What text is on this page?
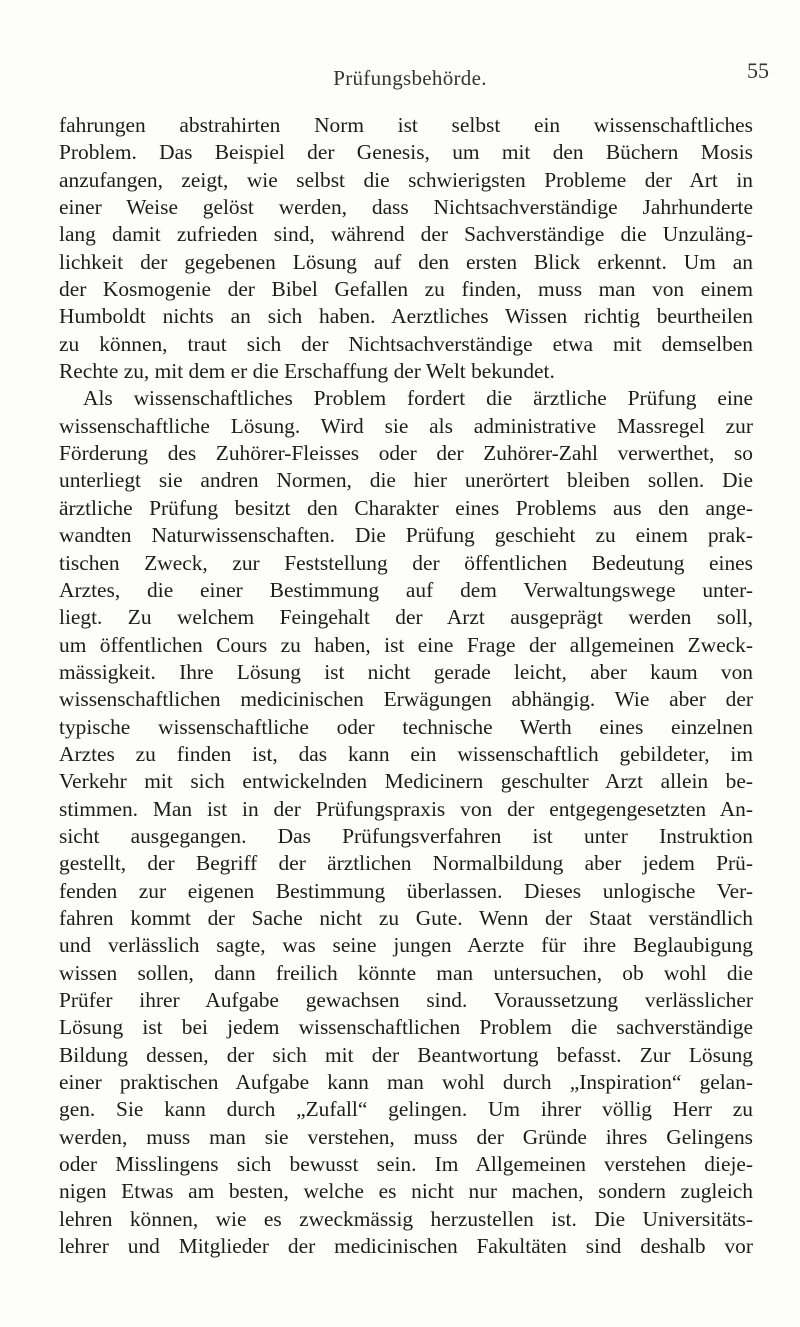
Prüfungsbehörde.	55
fahrungen abstrahirten Norm ist selbst ein wissenschaftliches
Problem. Das Beispiel der Genesis, um mit den Büchern Mosis
anzufangen, zeigt, wie selbst die schwierigsten Probleme der Art in
einer Weise gelöst werden, dass Nichtsachverständige Jahrhunderte
lang damit zufrieden sind, während der Sachverständige die Unzuläng-
lichkeit der gegebenen Lösung auf den ersten Blick erkennt. Um an
der Kosmogenie der Bibel Gefallen zu finden, muss man von einem
Humboldt nichts an sich haben. Aerztliches Wissen richtig beurtheilen
zu können, traut sich der Nichtsachverständige etwa mit demselben
Rechte zu, mit dem er die Erschaffung der Welt bekundet.
Als wissenschaftliches Problem fordert die ärztliche Prüfung eine
wissenschaftliche Lösung. Wird sie als administrative Massregel zur
Förderung des Zuhörer-Fleisses oder der Zuhörer-Zahl verwerthet, so
unterliegt sie andren Normen, die hier unerörtert bleiben sollen. Die
ärztliche Prüfung besitzt den Charakter eines Problems aus den ange-
wandten Naturwissenschaften. Die Prüfung geschieht zu einem prak-
tischen Zweck, zur Feststellung der öffentlichen Bedeutung eines
Arztes, die einer Bestimmung auf dem Verwaltungswege unter-
liegt. Zu welchem Feingehalt der Arzt ausgeprägt werden soll,
um öffentlichen Cours zu haben, ist eine Frage der allgemeinen Zweck-
mässigkeit. Ihre Lösung ist nicht gerade leicht, aber kaum von
wissenschaftlichen medicinischen Erwägungen abhängig. Wie aber der
typische wissenschaftliche oder technische Werth eines einzelnen
Arztes zu finden ist, das kann ein wissenschaftlich gebildeter, im
Verkehr mit sich entwickelnden Medicinern geschulter Arzt allein be-
stimmen. Man ist in der Prüfungspraxis von der entgegengesetzten An-
sicht ausgegangen. Das Prüfungsverfahren ist unter Instruktion
gestellt, der Begriff der ärztlichen Normalbildung aber jedem Prü-
fenden zur eigenen Bestimmung überlassen. Dieses unlogische Ver-
fahren kommt der Sache nicht zu Gute. Wenn der Staat verständlich
und verlässlich sagte, was seine jungen Aerzte für ihre Beglaubigung
wissen sollen, dann freilich könnte man untersuchen, ob wohl die
Prüfer ihrer Aufgabe gewachsen sind. Voraussetzung verlässlicher
Lösung ist bei jedem wissenschaftlichen Problem die sachverständige
Bildung dessen, der sich mit der Beantwortung befasst. Zur Lösung
einer praktischen Aufgabe kann man wohl durch „Inspiration“ gelan-
gen. Sie kann durch „Zufall“ gelingen. Um ihrer völlig Herr zu
werden, muss man sie verstehen, muss der Gründe ihres Gelingens
oder Misslingens sich bewusst sein. Im Allgemeinen verstehen dieje-
nigen Etwas am besten, welche es nicht nur machen, sondern zugleich
lehren können, wie es zweckmässig herzustellen ist. Die Universitäts-
lehrer und Mitglieder der medicinischen Fakultäten sind deshalb vor
